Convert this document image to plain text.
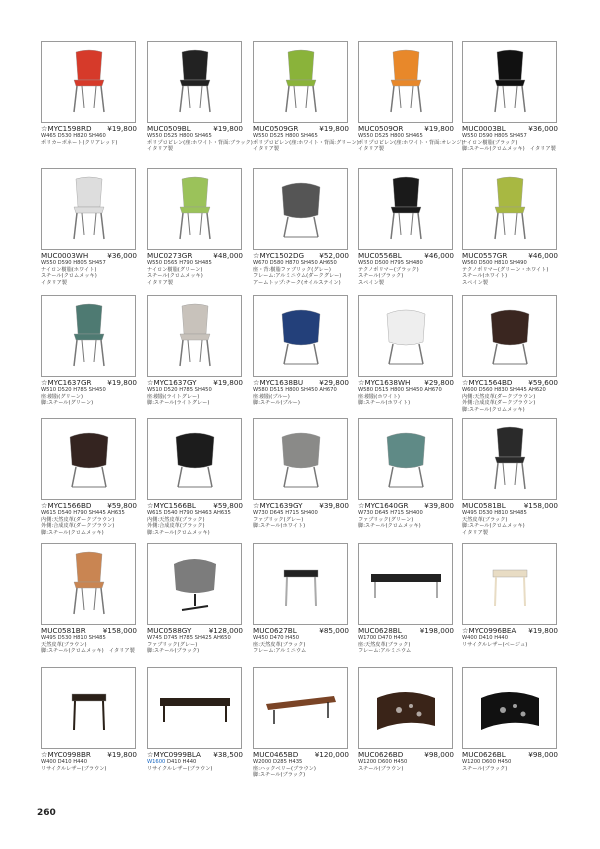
☆MYC1598RD ¥19,800
W465 D530 H820 SH460
ポリカーボネート(クリアレッド)
MUC0509BL	¥19,800
W550 D525 H800 SH465
ポリプロピレン(座:ホワイト・背面:ブラック)
イタリア製
MUC0509GR	¥19,800
W550 D525 H800 SH465
ポリプロピレン(座:ホワイト・背面:グリーン)
イタリア製
MUC0509OR	¥19,800
W550 D525 H800 SH465
ポリプロピレン(座:ホワイト・背面:オレンジ)
イタリア製
MUC0003BL	¥36,000
W550 D590 H805 SH457
ナイロン樹脂(ブラック)
脚:スチール(クロムメッキ)　イタリア製
MUC0003WH	¥36,000
W550 D590 H805 SH457
ナイロン樹脂(ホワイト)
スチール(クロムメッキ)
イタリア製
MUC0273GR	¥48,000
W550 D565 H790 SH485
ナイロン樹脂(グリーン)
スチール(クロムメッキ)
イタリア製
☆MYC1502DG ¥52,000
W670 D580 H870 SH450 AH650
座・背:樹脂ファブリック(グレー)
フレーム:アルミニウム(ダークグレー)
アームトップ:チーク(オイルステイン)
MUC0556BL	¥46,000
W550 D500 H795 SH480
テクノポリマー(ブラック)
スチール(ブラック)
スペイン製
MUC0557GR	¥46,000
W560 D500 H810 SH490
テクノポリマー(グリーン・ホワイト)
スチール(ホワイト)
スペイン製
☆MYC1637GR ¥19,800
W510 D520 H785 SH450
座:樹脂(グリーン)
脚:スチール(グリーン)
☆MYC1637GY ¥19,800
W510 D520 H785 SH450
座:樹脂(ライトグレー)
脚:スチール(ライトグレー)
☆MYC1638BU ¥29,800
W580 D515 H800 SH450 AH670
座:樹脂(ブルー)
脚:スチール(ブルー)
☆MYC1638WH ¥29,800
W580 D515 H800 SH450 AH670
座:樹脂(ホワイト)
脚:スチール(ホワイト)
☆MYC1564BD ¥59,600
W600 D560 H830 SH445 AH620
内側:天然皮革(ダークブラウン)
外側:合成皮革(ダークブラウン)
脚:スチール(クロムメッキ)
☆MYC1566BD ¥59,800
W615 D540 H790 SH445 AH635
内側:天然皮革(ダークブラウン)
外側:合成皮革(ダークブラウン)
脚:スチール(クロムメッキ)
☆MYC1566BL ¥59,800
W615 D540 H790 SH463 AH635
内側:天然皮革(ブラック)
外側:合成皮革(ブラック)
脚:スチール(クロムメッキ)
☆MYC1639GY ¥39,800
W730 D645 H715 SH400
ファブリック(グレー)
脚:スチール(ホワイト)
☆MYC1640GR ¥39,800
W730 D645 H715 SH400
ファブリック(グリーン)
脚:スチール(クロムメッキ)
MUC0581BL ¥158,000
W495 D530 H810 SH485
天然皮革(ブラック)
脚:スチール(クロムメッキ)
イタリア製
MUC0581BR ¥158,000
W495 D530 H810 SH485
天然皮革(ブラウン)
脚:スチール(クロムメッキ)　イタリア製
MUC0588GY ¥128,000
W745 D745 H785 SH425 AH650
ファブリック(グレー)
脚:スチール(ブラック)
MUC0627BL	¥85,000
W450 D470 H450
座:天然皮革(ブラック)
フレーム:アルミニウム
MUC0628BL ¥198,000
W1700 D470 H450
座:天然皮革(ブラック)
フレーム:アルミニウム
☆MYC0996BEA ¥19,800
W400 D410 H440
リサイクルレザー(ベージュ)
☆MYC0998BR ¥19,800
W400 D410 H440
リサイクルレザー(ブラウン)
☆MYC0999BLA ¥38,500
W1600 D410 H440
リサイクルレザー(ブラウン)
MUC0465BD ¥120,000
W2000 D285 H435
座:ハックベリー(ブラウン)
脚:スチール(ブラック)
MUC0626BD	¥98,000
W1200 D600 H450
スチール(ブラウン)
MUC0626BL	¥98,000
W1200 D600 H450
スチール(ブラック)
260
